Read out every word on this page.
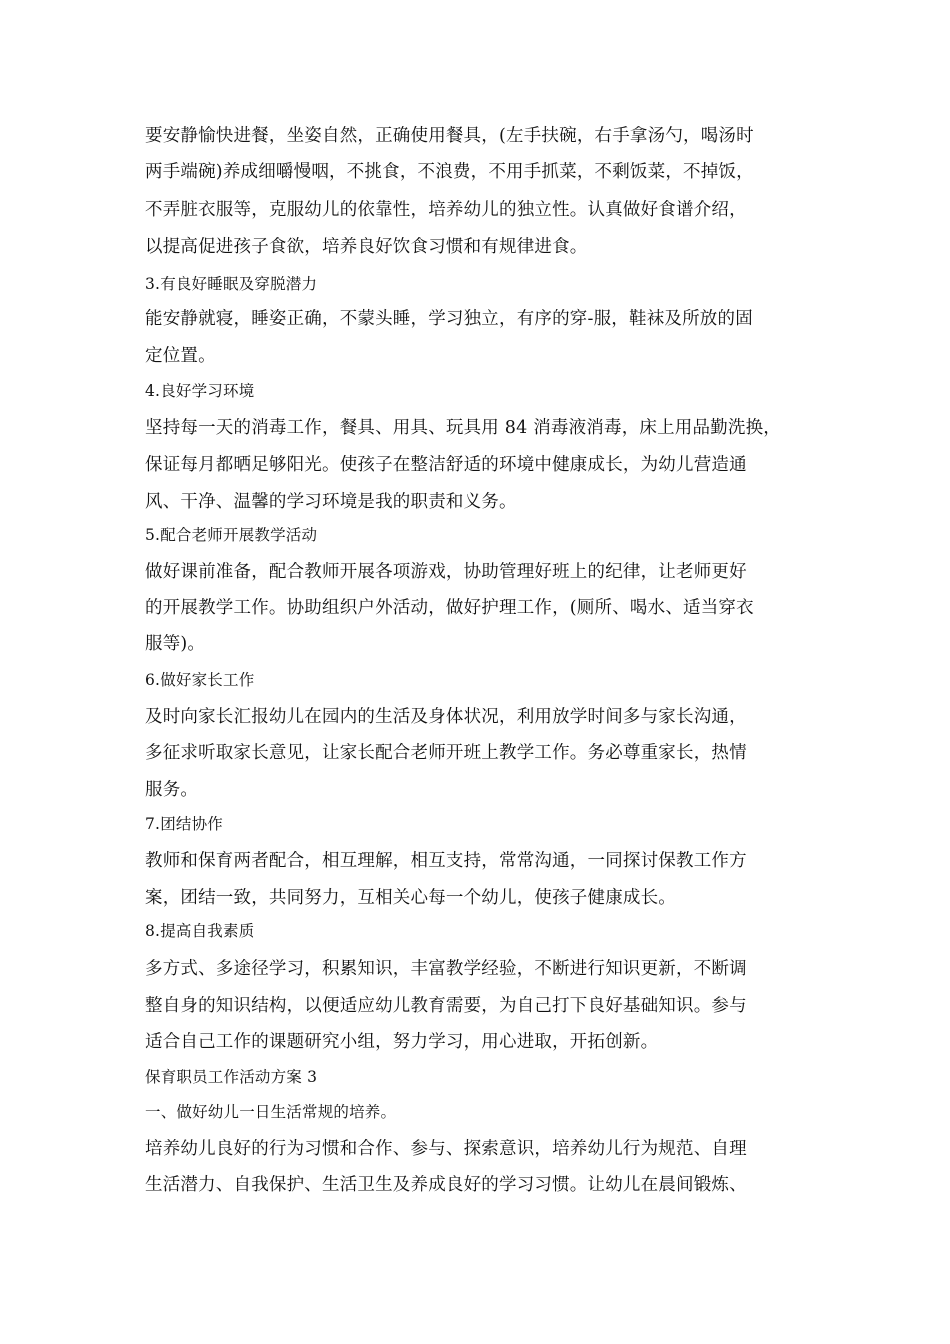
要安静愉快进餐，坐姿自然，正确使用餐具，(左手扶碗，右手拿汤勺，喝汤时
两手端碗)养成细嚼慢咽，不挑食，不浪费，不用手抓菜，不剩饭菜，不掉饭，
不弄脏衣服等，克服幼儿的依靠性，培养幼儿的独立性。认真做好食谱介绍，
以提高促进孩子食欲，培养良好饮食习惯和有规律进食。
3.有良好睡眠及穿脱潜力
能安静就寝，睡姿正确，不蒙头睡，学习独立，有序的穿-服，鞋袜及所放的固
定位置。
4.良好学习环境
坚持每一天的消毒工作，餐具、用具、玩具用 84 消毒液消毒，床上用品勤洗换，
保证每月都晒足够阳光。使孩子在整洁舒适的环境中健康成长，为幼儿营造通
风、干净、温馨的学习环境是我的职责和义务。
5.配合老师开展教学活动
做好课前准备，配合教师开展各项游戏，协助管理好班上的纪律，让老师更好
的开展教学工作。协助组织户外活动，做好护理工作，(厕所、喝水、适当穿衣
服等)。
6.做好家长工作
及时向家长汇报幼儿在园内的生活及身体状况，利用放学时间多与家长沟通，
多征求听取家长意见，让家长配合老师开班上教学工作。务必尊重家长，热情
服务。
7.团结协作
教师和保育两者配合，相互理解，相互支持，常常沟通，一同探讨保教工作方
案，团结一致，共同努力，互相关心每一个幼儿，使孩子健康成长。
8.提高自我素质
多方式、多途径学习，积累知识，丰富教学经验，不断进行知识更新，不断调
整自身的知识结构，以便适应幼儿教育需要，为自己打下良好基础知识。参与
适合自己工作的课题研究小组，努力学习，用心进取，开拓创新。
保育职员工作活动方案 3
一、做好幼儿一日生活常规的培养。
培养幼儿良好的行为习惯和合作、参与、探索意识，培养幼儿行为规范、自理
生活潜力、自我保护、生活卫生及养成良好的学习习惯。让幼儿在晨间锻炼、
